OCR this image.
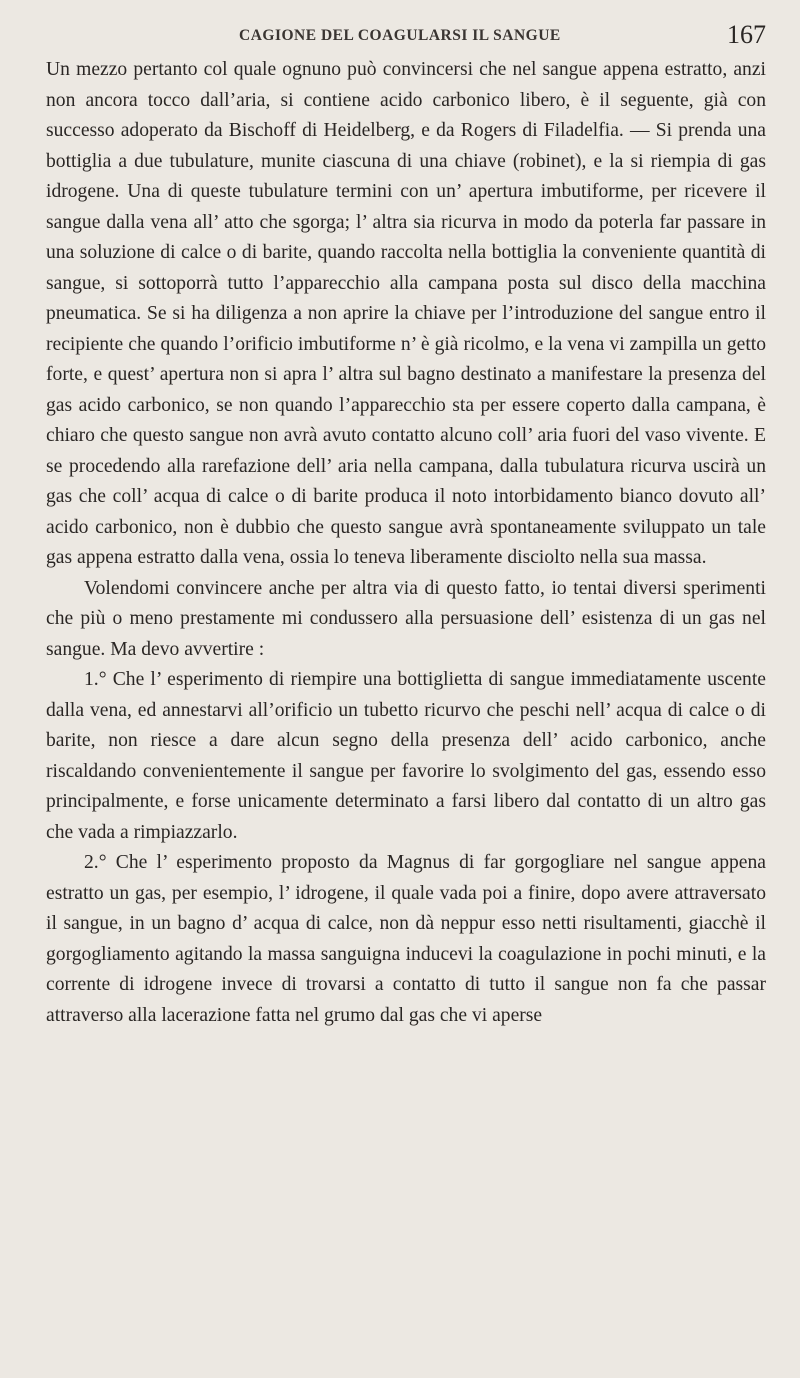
CAGIONE DEL COAGULARSI IL SANGUE	167

Un mezzo pertanto col quale ognuno può convincersi che nel sangue appena estratto, anzi non ancora tocco dall’aria, si contiene acido carbonico libero, è il seguente, già con successo adoperato da Bischoff di Heidelberg, e da Rogers di Filadelfia. — Si prenda una bottiglia a due tubulature, munite ciascuna di una chiave (robinet), e la si riempia di gas idrogene. Una di queste tubulature termini con un’ apertura imbutiforme, per ricevere il sangue dalla vena all’ atto che sgorga; l’ altra sia ricurva in modo da poterla far passare in una soluzione di calce o di barite, quando raccolta nella bottiglia la conveniente quantità di sangue, si sottoporrà tutto l’apparecchio alla campana posta sul disco della macchina pneumatica. Se si ha diligenza a non aprire la chiave per l’introduzione del sangue entro il recipiente che quando l’orificio imbutiforme n’ è già ricolmo, e la vena vi zampilla un getto forte, e quest’ apertura non si apra l’ altra sul bagno destinato a manifestare la presenza del gas acido carbonico, se non quando l’apparecchio sta per essere coperto dalla campana, è chiaro che questo sangue non avrà avuto contatto alcuno coll’ aria fuori del vaso vivente. E se procedendo alla rarefazione dell’ aria nella campana, dalla tubulatura ricurva uscirà un gas che coll’ acqua di calce o di barite produca il noto intorbidamento bianco dovuto all’ acido carbonico, non è dubbio che questo sangue avrà spontaneamente sviluppato un tale gas appena estratto dalla vena, ossia lo teneva liberamente disciolto nella sua massa.

Volendomi convincere anche per altra via di questo fatto, io tentai diversi sperimenti che più o meno prestamente mi condussero alla persuasione dell’ esistenza di un gas nel sangue. Ma devo avvertire :

1.° Che l’ esperimento di riempire una bottiglietta di sangue immediatamente uscente dalla vena, ed annestarvi all’orificio un tubetto ricurvo che peschi nell’ acqua di calce o di barite, non riesce a dare alcun segno della presenza dell’ acido carbonico, anche riscaldando convenientemente il sangue per favorire lo svolgimento del gas, essendo esso principalmente, e forse unicamente determinato a farsi libero dal contatto di un altro gas che vada a rimpiazzarlo.

2.° Che l’ esperimento proposto da Magnus di far gorgogliare nel sangue appena estratto un gas, per esempio, l’ idrogene, il quale vada poi a finire, dopo avere attraversato il sangue, in un bagno d’ acqua di calce, non dà neppur esso netti risultamenti, giacchè il gorgogliamento agitando la massa sanguigna inducevi la coagulazione in pochi minuti, e la corrente di idrogene invece di trovarsi a contatto di tutto il sangue non fa che passar attraverso alla lacerazione fatta nel grumo dal gas che vi aperse
